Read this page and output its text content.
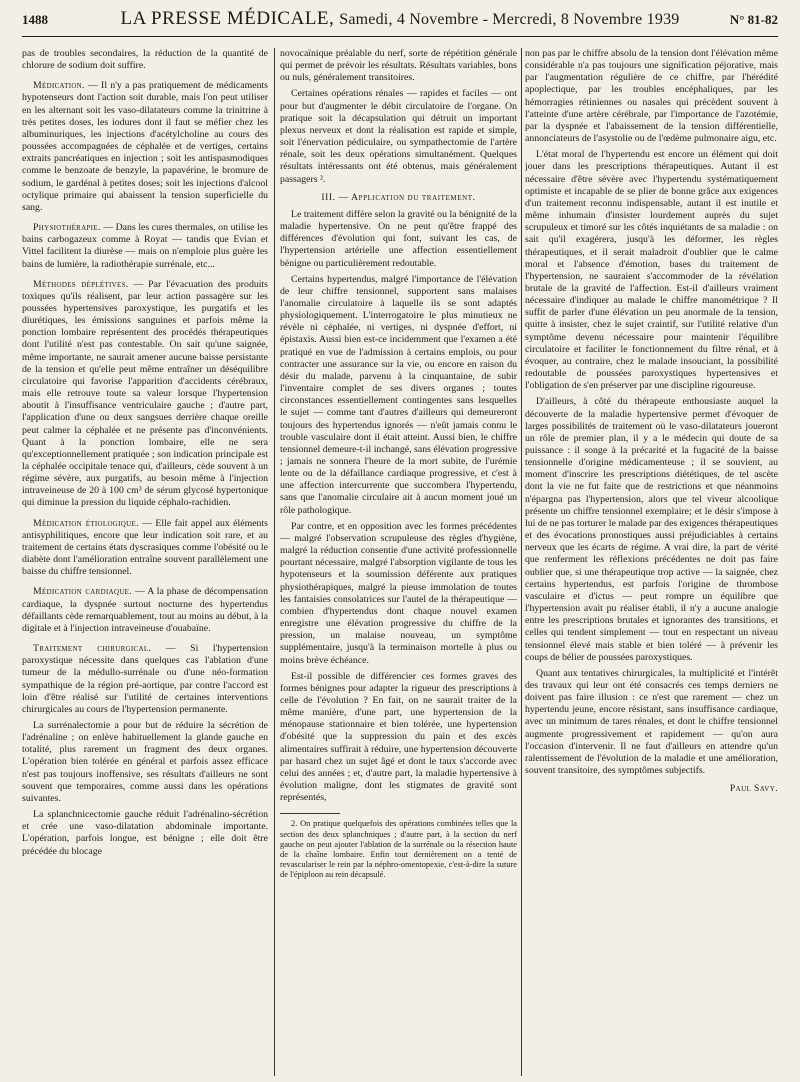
1488	LA PRESSE MÉDICALE, Samedi, 4 Novembre - Mercredi, 8 Novembre 1939	N° 81-82

pas de troubles secondaires, la réduction de la quantité de chlorure de sodium doit suffire.

Médication. — Il n'y a pas pratiquement de médicaments hypotenseurs dont l'action soit durable, mais l'on peut utiliser en les alternant soit les vaso-dilatateurs comme la trinitrine à très petites doses, les iodures dont il faut se méfier chez les albuminuriques, les injections d'acétylcholine au cours des poussées accompagnées de céphalée et de vertiges, certains extraits pancréatiques en injection ; soit les antispasmodiques comme le benzoate de benzyle, la papavérine, le bromure de sodium, le gardénal à petites doses; soit les injections d'alcool octylique primaire qui abaissent la tension superficielle du sang.

Physiothérapie. — Dans les cures thermales, on utilise les bains carbogazeux comme à Royat — tandis que Evian et Vittel facilitent la diurèse — mais on n'emploie plus guère les bains de lumière, la radiothérapie surrénale, etc...

Méthodes déplétives. — Par l'évacuation des produits toxiques qu'ils réalisent, par leur action passagère sur les poussées hypertensives paroxystique, les purgatifs et les diurétiques, les émissions sanguines et parfois même la ponction lombaire représentent des procédés thérapeutiques dont l'utilité n'est pas contestable. On sait qu'une saignée, même importante, ne saurait amener aucune baisse persistante de la tension et qu'elle peut même entraîner un déséquilibre circulatoire qui favorise l'apparition d'accidents cérébraux, mais elle retrouve toute sa valeur lorsque l'hypertension aboutit à l'insuffisance ventriculaire gauche ; d'autre part, l'application d'une ou deux sangsues derrière chaque oreille peut calmer la céphalée et ne présente pas d'inconvénients. Quant à la ponction lombaire, elle ne sera qu'exceptionnellement pratiquée ; son indication principale est la céphalée occipitale tenace qui, d'ailleurs, cède souvent à un régime sévère, aux purgatifs, au besoin même à l'injection intraveineuse de 20 à 100 cm³ de sérum glycosé hypertonique qui diminue la pression du liquide céphalo-rachidien.

Médication étiologique. — Elle fait appel aux éléments antisyphilitiques, encore que leur indication soit rare, et au traitement de certains états dyscrasiques comme l'obésité ou le diabète dont l'amélioration entraîne souvent parallèlement une baisse du chiffre tensionnel.

Médication cardiaque. — A la phase de décompensation cardiaque, la dyspnée surtout nocturne des hypertendus défaillants cède remarquablement, tout au moins au début, à la digitale et à l'injection intraveineuse d'ouabaïne.

Traitement chirurgical. — Si l'hypertension paroxystique nécessite dans quelques cas l'ablation d'une tumeur de la médullo-surrénale ou d'une néo-formation sympathique de la région pré-aortique, par contre l'accord est loin d'être réalisé sur l'utilité de certaines interventions chirurgicales au cours de l'hypertension permanente.

La surrénalectomie a pour but de réduire la sécrétion de l'adrénaline ; on enlève habituellement la glande gauche en totalité, plus rarement un fragment des deux organes. L'opération bien tolérée en général et parfois assez efficace n'est pas toujours inoffensive, ses résultats d'ailleurs ne sont souvent que temporaires, comme aussi dans les opérations suivantes.

La splanchnicectomie gauche réduit l'adrénalino-sécrétion et crée une vaso-dilatation abdominale importante. L'opération, parfois longue, est bénigne ; elle doit être précédée du blocage

novocaïnique préalable du nerf, sorte de répétition générale qui permet de prévoir les résultats. Résultats variables, bons ou nuls, généralement transitoires.

Certaines opérations rénales — rapides et faciles — ont pour but d'augmenter le débit circulatoire de l'organe. On pratique soit la décapsulation qui détruit un important plexus nerveux et dont la réalisation est rapide et simple, soit l'énervation pédiculaire, ou sympathectomie de l'artère rénale, soit les deux opérations simultanément. Quelques résultats intéressants ont été obtenus, mais généralement passagers ².

III. — Application du traitement.

Le traitement diffère selon la gravité ou la bénignité de la maladie hypertensive. On ne peut qu'être frappé des différences d'évolution qui font, suivant les cas, de l'hypertension artérielle une affection essentiellement bénigne ou particulièrement redoutable.

Certains hypertendus, malgré l'importance de l'élévation de leur chiffre tensionnel, supportent sans malaises l'anomalie circulatoire à laquelle ils se sont adaptés physiologiquement. L'interrogatoire le plus minutieux ne révèle ni céphalée, ni vertiges, ni dyspnée d'effort, ni épistaxis. Aussi bien est-ce incidemment que l'examen a été pratiqué en vue de l'admission à certains emplois, ou pour contracter une assurance sur la vie, ou encore en raison du désir du malade, parvenu à la cinquantaine, de subir l'inventaire complet de ses divers organes ; toutes circonstances essentiellement contingentes sans lesquelles le sujet — comme tant d'autres d'ailleurs qui demeureront toujours des hypertendus ignorés — n'eût jamais connu le trouble vasculaire dont il était atteint. Aussi bien, le chiffre tensionnel demeure-t-il inchangé, sans élévation progressive ; jamais ne sonnera l'heure de la mort subite, de l'urémie lente ou de la défaillance cardiaque progressive, et c'est à une affection intercurrente que succombera l'hypertendu, sans que l'anomalie circulaire ait à aucun moment joué un rôle pathologique.

Par contre, et en opposition avec les formes précédentes — malgré l'observation scrupuleuse des règles d'hygiène, malgré la réduction consentie d'une activité professionnelle pourtant nécessaire, malgré l'absorption vigilante de tous les hypotenseurs et la soumission déférente aux pratiques physiothérapiques, malgré la pieuse immolation de toutes les fantaisies consolatrices sur l'autel de la thérapeutique — combien d'hypertendus dont chaque nouvel examen enregistre une élévation progressive du chiffre de la pression, un malaise nouveau, un symptôme supplémentaire, jusqu'à la terminaison mortelle à plus ou moins brève échéance.

Est-il possible de différencier ces formes graves des formes bénignes pour adapter la rigueur des prescriptions à celle de l'évolution ? En fait, on ne saurait traiter de la même manière, d'une part, une hypertension de la ménopause stationnaire et bien tolérée, une hypertension d'obésité que la suppression du pain et des excès alimentaires suffirait à réduire, une hypertension découverte par hasard chez un sujet âgé et dont le taux s'accorde avec celui des années ; et, d'autre part, la maladie hypertensive à évolution maligne, dont les stigmates de gravité sont représentés,

2. On pratique quelquefois des opérations combinées telles que la section des deux splanchniques ; d'autre part, à la section du nerf gauche on peut ajouter l'ablation de la surrénale ou la résection haute de la chaîne lombaire. Enfin tout dernièrement on a tenté de revasculariser le rein par la néphro-omentopexie, c'est-à-dire la suture de l'épiploon au rein décapsulé.

non pas par le chiffre absolu de la tension dont l'élévation même considérable n'a pas toujours une signification péjorative, mais par l'augmentation régulière de ce chiffre, par l'hérédité apoplectique, par les troubles encéphaliques, par les hémorragies rétiniennes ou nasales qui précèdent souvent à l'atteinte d'une artère cérébrale, par l'importance de l'azotémie, par la dyspnée et l'abaissement de la tension différentielle, annonciateurs de l'asystolie ou de l'œdème pulmonaire aigu, etc.

L'état moral de l'hypertendu est encore un élément qui doit jouer dans les prescriptions thérapeutiques. Autant il est nécessaire d'être sévère avec l'hypertendu systématiquement optimiste et incapable de se plier de bonne grâce aux exigences d'un traitement reconnu indispensable, autant il est inutile et même inhumain d'insister lourdement auprès du sujet scrupuleux et timoré sur les côtés inquiétants de sa maladie : on sait qu'il exagérera, jusqu'à les déformer, les règles thérapeutiques, et il serait maladroit d'oublier que le calme moral et l'absence d'émotion, bases du traitement de l'hypertension, ne sauraient s'accommoder de la révélation brutale de la gravité de l'affection. Est-il d'ailleurs vraiment nécessaire d'indiquer au malade le chiffre manométrique ? Il suffit de parler d'une élévation un peu anormale de la tension, quitte à insister, chez le sujet craintif, sur l'utilité relative d'un symptôme devenu nécessaire pour maintenir l'équilibre circulatoire et faciliter le fonctionnement du filtre rénal, et à évoquer, au contraire, chez le malade insouciant, la possibilité redoutable de poussées paroxystiques hypertensives et l'obligation de s'en préserver par une discipline rigoureuse.

D'ailleurs, à côté du thérapeute enthousiaste auquel la découverte de la maladie hypertensive permet d'évoquer de larges possibilités de traitement où le vaso-dilatateurs joueront un rôle de premier plan, il y a le médecin qui doute de sa puissance : il songe à la précarité et la fugacité de la baisse tensionnelle d'origine médicamenteuse ; il se souvient, au moment d'inscrire les prescriptions diététiques, de tel ascète dont la vie ne fut faite que de restrictions et que néanmoins n'épargna pas l'hypertension, alors que tel viveur alcoolique présente un chiffre tensionnel exemplaire; et le désir s'impose à lui de ne pas torturer le malade par des exigences thérapeutiques et des évocations pronostiques aussi préjudiciables à certains nerveux que les écarts de régime. A vrai dire, la part de vérité que renferment les réflexions précédentes ne doit pas faire oublier que, si une thérapeutique trop active — la saignée, chez certains hypertendus, est parfois l'origine de thrombose vasculaire et d'ictus — peut rompre un équilibre que l'hypertension avait pu réaliser établi, il n'y a aucune analogie entre les prescriptions brutales et ignorantes des transitions, et celles qui tendent simplement — tout en respectant un niveau tensionnel élevé mais stable et bien toléré — à prévenir les coups de bélier de poussées paroxystiques.

Quant aux tentatives chirurgicales, la multiplicité et l'intérêt des travaux qui leur ont été consacrés ces temps derniers ne doivent pas faire illusion : ce n'est que rarement — chez un hypertendu jeune, encore résistant, sans insuffisance cardiaque, avec un minimum de tares rénales, et dont le chiffre tensionnel augmente progressivement et rapidement — qu'on aura l'occasion d'intervenir. Il ne faut d'ailleurs en attendre qu'un ralentissement de l'évolution de la maladie et une amélioration, souvent transitoire, des symptômes subjectifs.

Paul Savy.
